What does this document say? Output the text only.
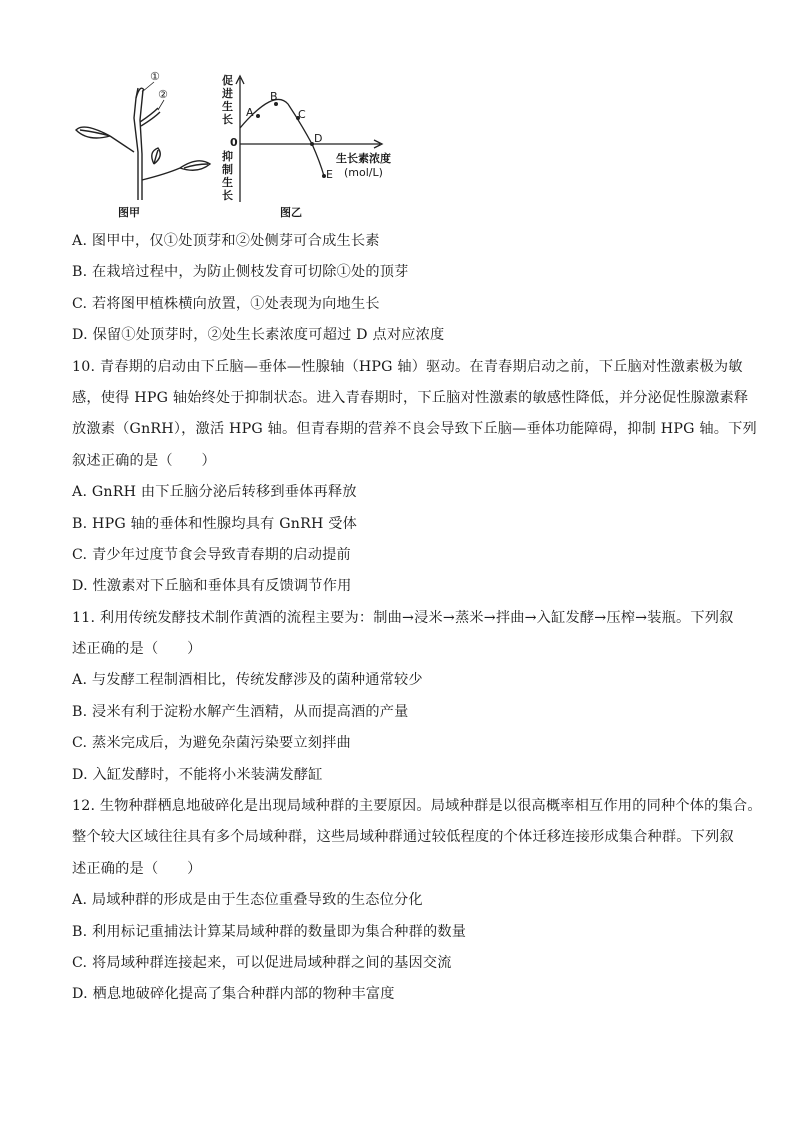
①
②
图甲
促进生长
0
抑制生长
A
B
C
D
E
生长素浓度
(mol/L)
图乙
A. 图甲中，仅①处顶芽和②处侧芽可合成生长素
B. 在栽培过程中，为防止侧枝发育可切除①处的顶芽
C. 若将图甲植株横向放置，①处表现为向地生长
D. 保留①处顶芽时，②处生长素浓度可超过 D 点对应浓度
10. 青春期的启动由下丘脑—垂体—性腺轴（HPG 轴）驱动。在青春期启动之前，下丘脑对性激素极为敏
感，使得 HPG 轴始终处于抑制状态。进入青春期时，下丘脑对性激素的敏感性降低，并分泌促性腺激素释
放激素（GnRH），激活 HPG 轴。但青春期的营养不良会导致下丘脑—垂体功能障碍，抑制 HPG 轴。下列
叙述正确的是（　　）
A. GnRH 由下丘脑分泌后转移到垂体再释放
B. HPG 轴的垂体和性腺均具有 GnRH 受体
C. 青少年过度节食会导致青春期的启动提前
D. 性激素对下丘脑和垂体具有反馈调节作用
11. 利用传统发酵技术制作黄酒的流程主要为：制曲→浸米→蒸米→拌曲→入缸发酵→压榨→装瓶。下列叙
述正确的是（　　）
A. 与发酵工程制酒相比，传统发酵涉及的菌种通常较少
B. 浸米有利于淀粉水解产生酒精，从而提高酒的产量
C. 蒸米完成后，为避免杂菌污染要立刻拌曲
D. 入缸发酵时，不能将小米装满发酵缸
12. 生物种群栖息地破碎化是出现局域种群的主要原因。局域种群是以很高概率相互作用的同种个体的集合。
整个较大区域往往具有多个局域种群，这些局域种群通过较低程度的个体迁移连接形成集合种群。下列叙
述正确的是（　　）
A. 局域种群的形成是由于生态位重叠导致的生态位分化
B. 利用标记重捕法计算某局域种群的数量即为集合种群的数量
C. 将局域种群连接起来，可以促进局域种群之间的基因交流
D. 栖息地破碎化提高了集合种群内部的物种丰富度
